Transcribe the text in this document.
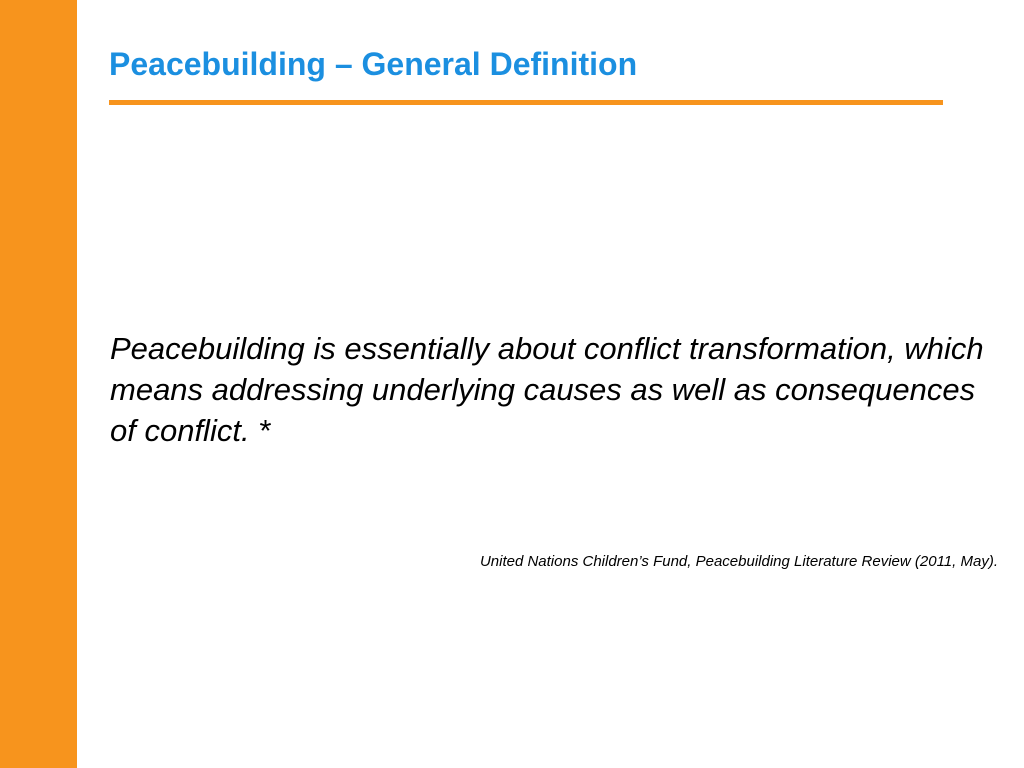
Peacebuilding – General Definition

Peacebuilding is essentially about conflict transformation, which means addressing underlying causes as well as consequences of conflict. *

United Nations Children’s Fund, Peacebuilding Literature Review (2011, May).
